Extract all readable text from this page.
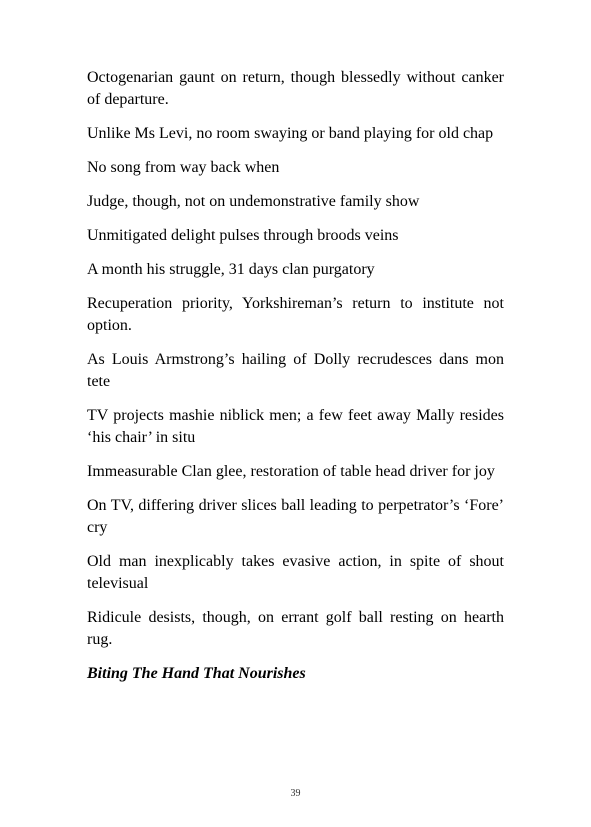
Octogenarian gaunt on return, though blessedly without canker of departure.

Unlike Ms Levi, no room swaying or band playing for old chap

No song from way back when

Judge, though, not on undemonstrative family show

Unmitigated delight pulses through broods veins

A month his struggle, 31 days clan purgatory

Recuperation priority, Yorkshireman’s return to institute not option.

As Louis Armstrong’s hailing of Dolly recrudesces dans mon tete

TV projects mashie niblick men; a few feet away Mally resides ‘his chair’ in situ

Immeasurable Clan glee, restoration of table head driver for joy

On TV, differing driver slices ball leading to perpetrator’s ‘Fore’ cry

Old man inexplicably takes evasive action, in spite of shout televisual

Ridicule desists, though, on errant golf ball resting on hearth rug.

Biting The Hand That Nourishes

39
